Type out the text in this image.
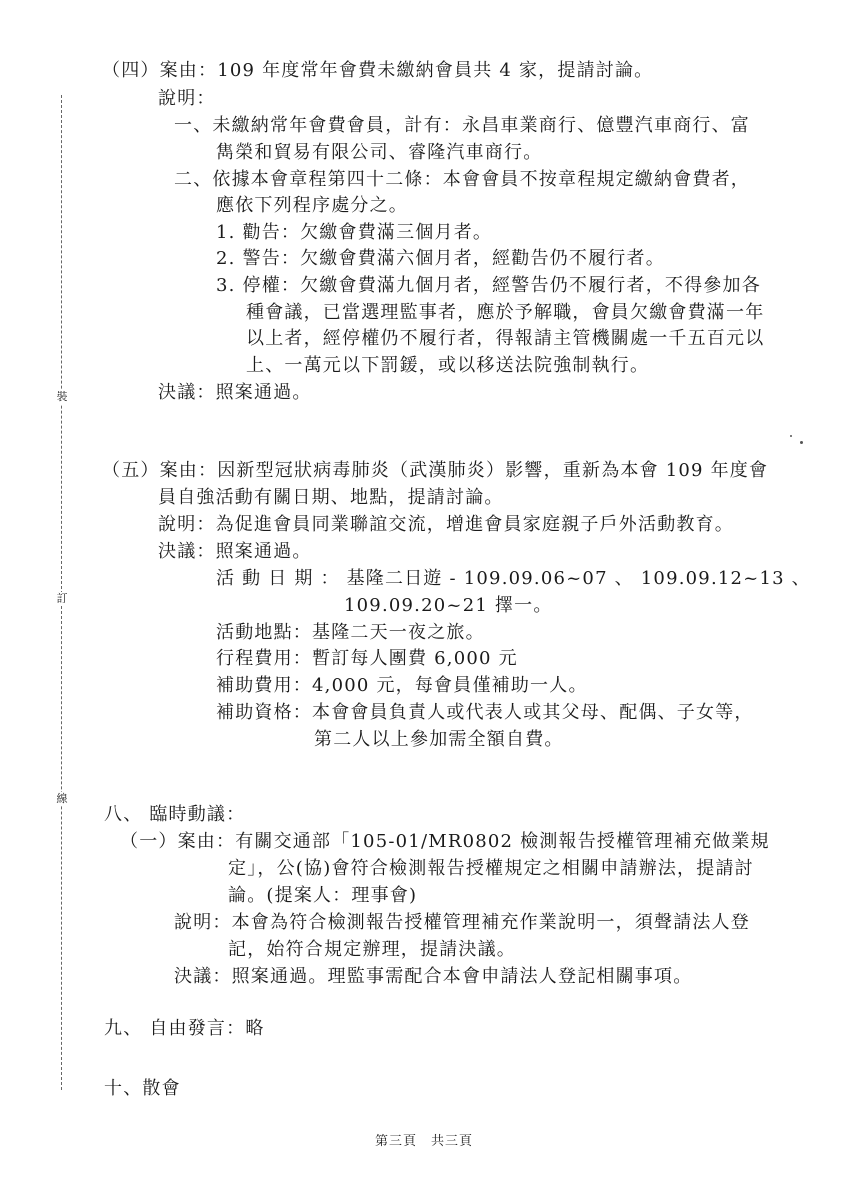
裝
訂
線
（四）案由：109 年度常年會費未繳納會員共 4 家，提請討論。
說明：
一、未繳納常年會費會員，計有：永昌車業商行、億豐汽車商行、富
雋榮和貿易有限公司、睿隆汽車商行。
二、依據本會章程第四十二條：本會會員不按章程規定繳納會費者，
應依下列程序處分之。
1. 勸告：欠繳會費滿三個月者。
2. 警告：欠繳會費滿六個月者，經勸告仍不履行者。
3. 停權：欠繳會費滿九個月者，經警告仍不履行者，不得參加各
種會議，已當選理監事者，應於予解職，會員欠繳會費滿一年
以上者，經停權仍不履行者，得報請主管機關處一千五百元以
上、一萬元以下罰鍰，或以移送法院強制執行。
決議：照案通過。
（五）案由：因新型冠狀病毒肺炎（武漢肺炎）影響，重新為本會 109 年度會
員自強活動有關日期、地點，提請討論。
說明：為促進會員同業聯誼交流，增進會員家庭親子戶外活動教育。
決議：照案通過。
活 動 日 期 ： 基隆二日遊 - 109.09.06~07 、 109.09.12~13 、
109.09.20~21 擇一。
活動地點：基隆二天一夜之旅。
行程費用：暫訂每人團費 6,000 元
補助費用：4,000 元，每會員僅補助一人。
補助資格：本會會員負責人或代表人或其父母、配偶、子女等，
第二人以上參加需全額自費。
八、 臨時動議：
（一）案由：有關交通部「105-01/MR0802 檢測報告授權管理補充做業規
定」，公(協)會符合檢測報告授權規定之相關申請辦法，提請討
論。(提案人：理事會)
說明：本會為符合檢測報告授權管理補充作業說明一，須聲請法人登
記，始符合規定辦理，提請決議。
決議：照案通過。理監事需配合本會申請法人登記相關事項。
九、 自由發言：略
十、散會
第三頁　共三頁
